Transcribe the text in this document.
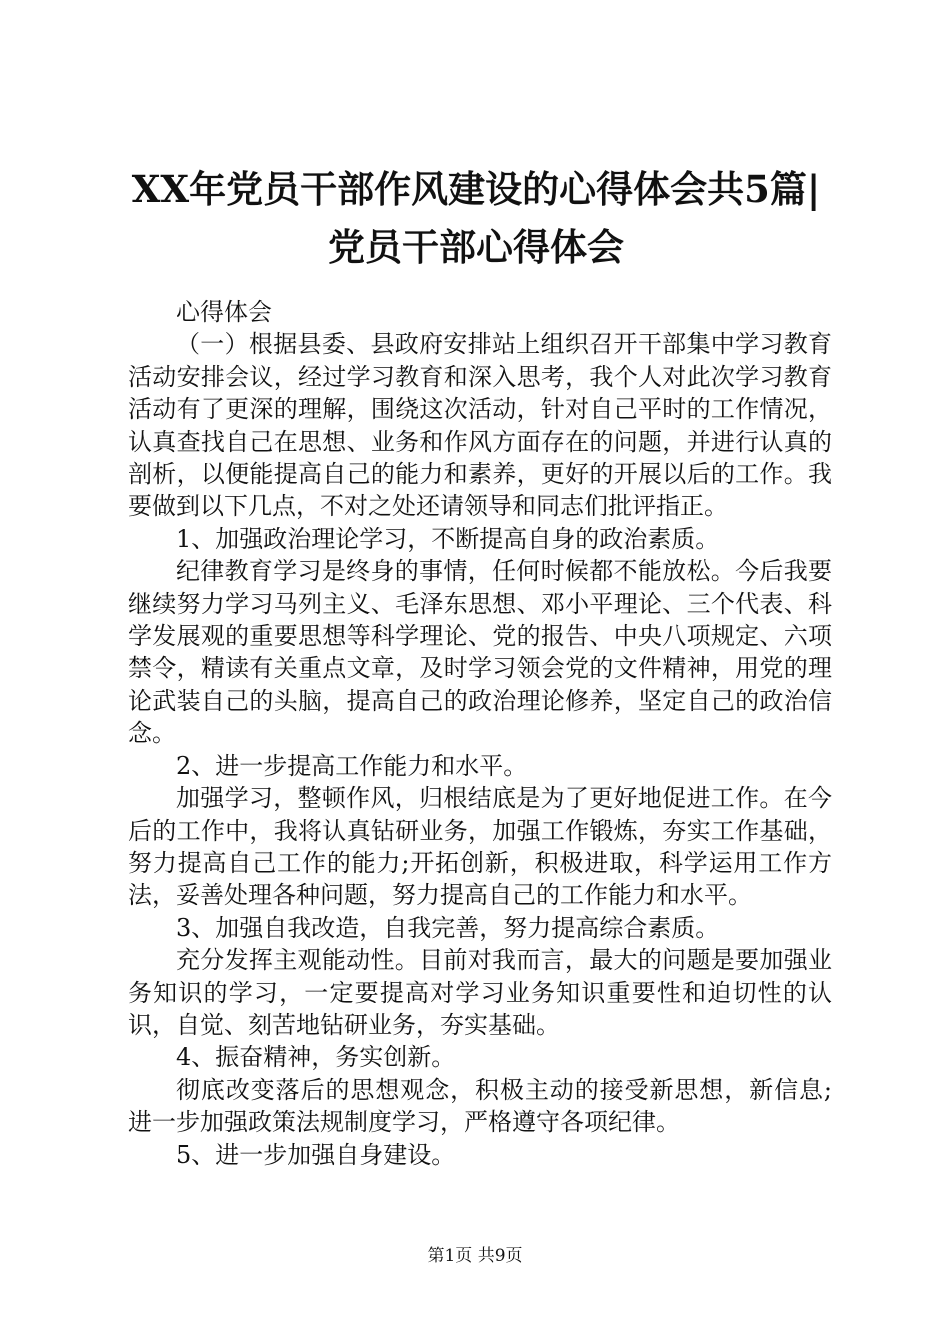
XX年党员干部作风建设的心得体会共5篇|党员干部心得体会

心得体会

（一）根据县委、县政府安排站上组织召开干部集中学习教育活动安排会议，经过学习教育和深入思考，我个人对此次学习教育活动有了更深的理解，围绕这次活动，针对自己平时的工作情况，认真查找自己在思想、业务和作风方面存在的问题，并进行认真的剖析，以便能提高自己的能力和素养，更好的开展以后的工作。我要做到以下几点，不对之处还请领导和同志们批评指正。

1、加强政治理论学习，不断提高自身的政治素质。

纪律教育学习是终身的事情，任何时候都不能放松。今后我要继续努力学习马列主义、毛泽东思想、邓小平理论、三个代表、科学发展观的重要思想等科学理论、党的报告、中央八项规定、六项禁令，精读有关重点文章，及时学习领会党的文件精神，用党的理论武装自己的头脑，提高自己的政治理论修养，坚定自己的政治信念。

2、进一步提高工作能力和水平。

加强学习，整顿作风，归根结底是为了更好地促进工作。在今后的工作中，我将认真钻研业务，加强工作锻炼，夯实工作基础，努力提高自己工作的能力;开拓创新，积极进取，科学运用工作方法，妥善处理各种问题，努力提高自己的工作能力和水平。

3、加强自我改造，自我完善，努力提高综合素质。

充分发挥主观能动性。目前对我而言，最大的问题是要加强业务知识的学习，一定要提高对学习业务知识重要性和迫切性的认识，自觉、刻苦地钻研业务，夯实基础。

4、振奋精神，务实创新。

彻底改变落后的思想观念，积极主动的接受新思想，新信息;进一步加强政策法规制度学习，严格遵守各项纪律。

5、进一步加强自身建设。

第1页 共9页
